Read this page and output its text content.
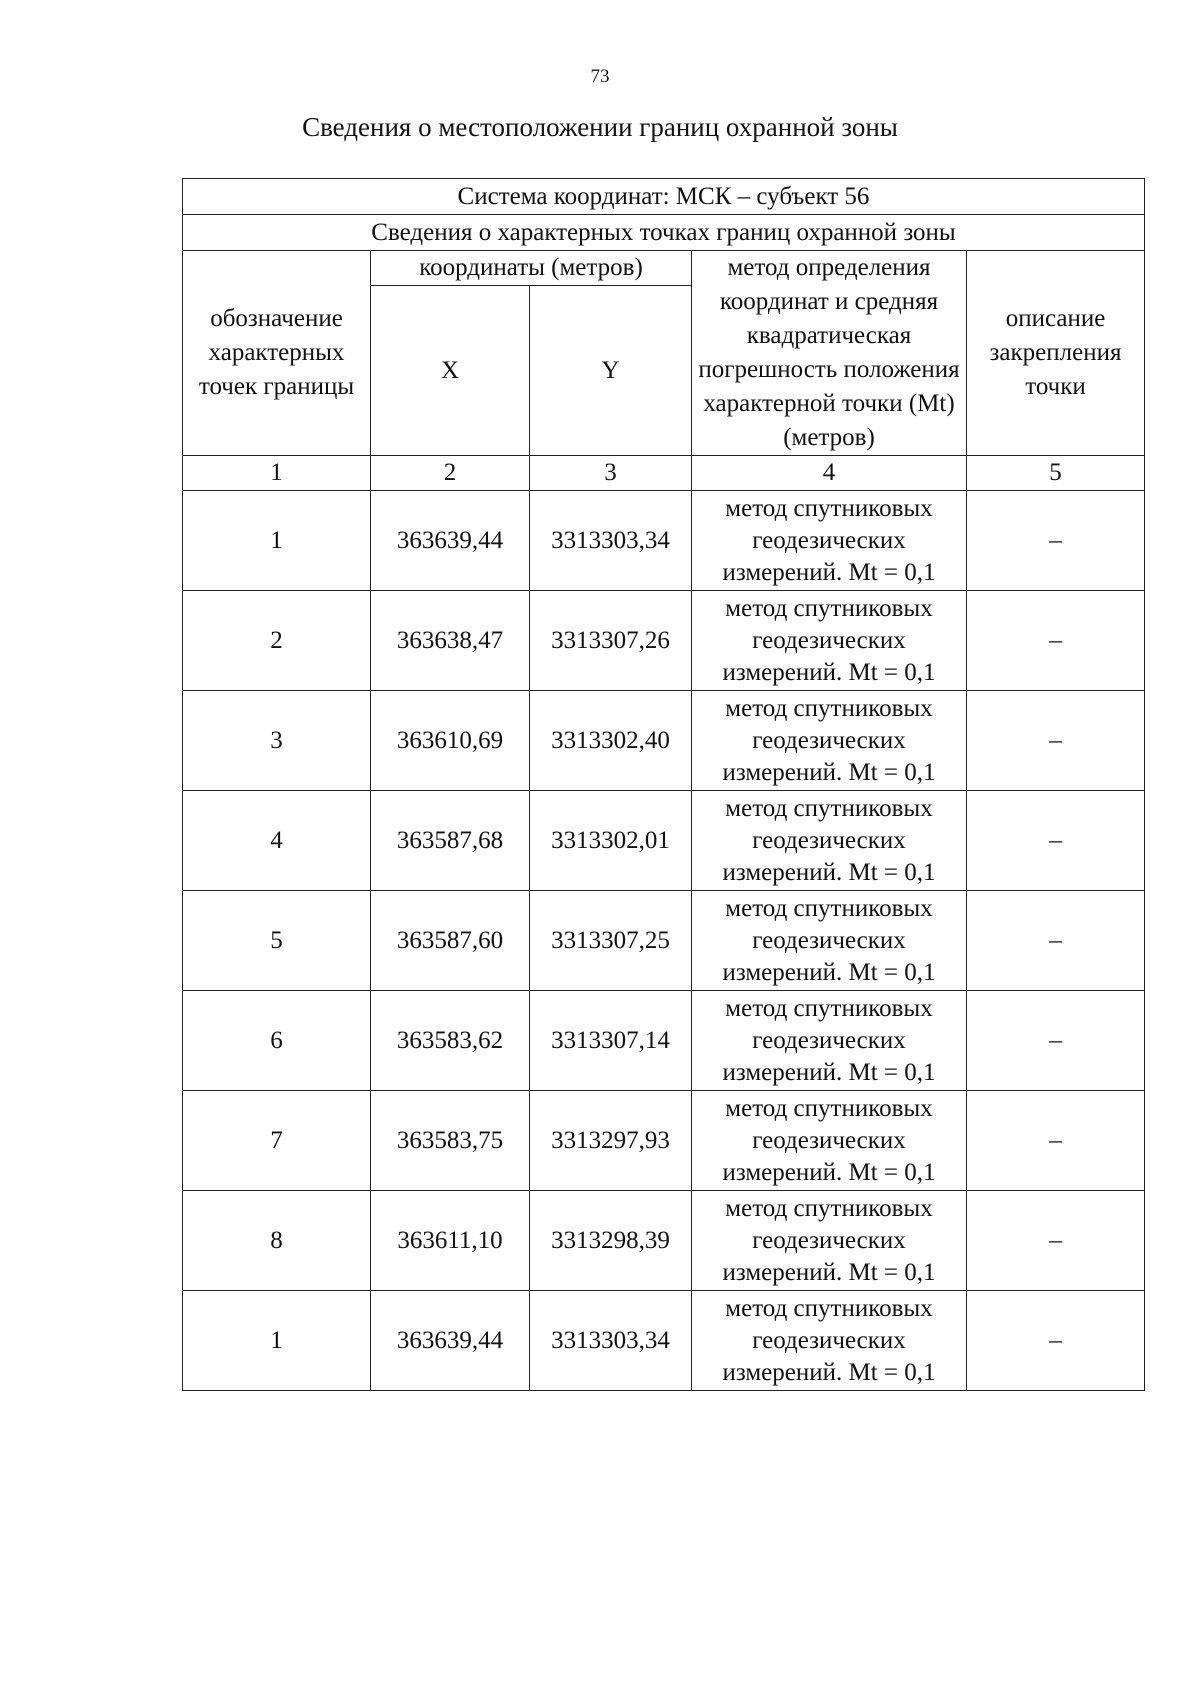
73
Сведения о местоположении границ охранной зоны
Система координат: МСК – субъект 56				
Сведения о характерных точках границ охранной зоны				
обозначение характерных точек границы	координаты (метров)		метод определения координат и средняя квадратическая погрешность положения характерной точки (Mt) (метров)	описание закрепления точки
	X	Y		

1	2	3	4	5
1	363639,44	3313303,34	метод спутниковых геодезических измерений. Mt = 0,1	–
2	363638,47	3313307,26	метод спутниковых геодезических измерений. Mt = 0,1	–
3	363610,69	3313302,40	метод спутниковых геодезических измерений. Mt = 0,1	–
4	363587,68	3313302,01	метод спутниковых геодезических измерений. Mt = 0,1	–
5	363587,60	3313307,25	метод спутниковых геодезических измерений. Mt = 0,1	–
6	363583,62	3313307,14	метод спутниковых геодезических измерений. Mt = 0,1	–
7	363583,75	3313297,93	метод спутниковых геодезических измерений. Mt = 0,1	–
8	363611,10	3313298,39	метод спутниковых геодезических измерений. Mt = 0,1	–
1	363639,44	3313303,34	метод спутниковых геодезических измерений. Mt = 0,1	–
